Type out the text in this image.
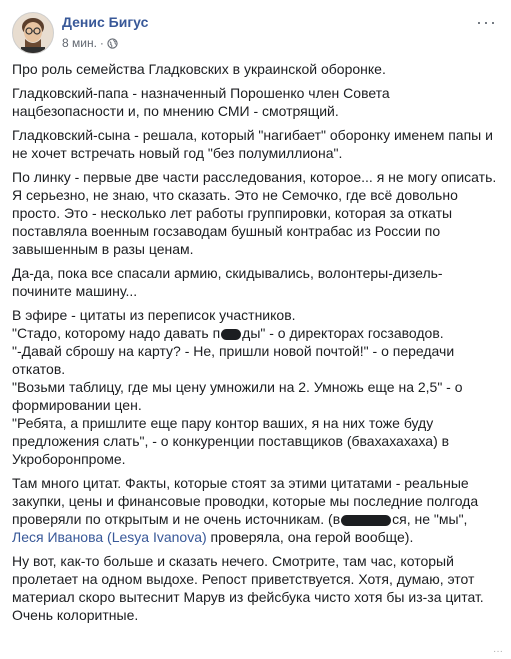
Денис Бигус
8 мин. ·
···

Про роль семейства Гладковских в украинской оборонке.

Гладковский-папа - назначенный Порошенко член Совета нацбезопасности и, по мнению СМИ - смотрящий.

Гладковский-сына - решала, который "нагибает" оборонку именем папы и не хочет встречать новый год "без полумиллиона".

По линку - первые две части расследования, которое... я не могу описать. Я серьезно, не знаю, что сказать. Это не Семочко, где всё довольно просто. Это - несколько лет работы группировки, которая за откаты поставляла военным госзаводам бушный контрабас из России по завышенным в разы ценам.

Да-да, пока все спасали армию, скидывались, волонтеры-дизель-почините машину...

В эфире - цитаты из переписок участников.
"Стадо, которому надо давать п ды" - о директорах госзаводов.
"-Давай сброшу на карту? - Не, пришли новой почтой!" - о передачи откатов.
"Возьми таблицу, где мы цену умножили на 2. Умножь еще на 2,5" - о формировании цен.
"Ребята, а пришлите еще пару контор ваших, я на них тоже буду предложения слать", - о конкуренции поставщиков (бвахахахаха) в Укроборонпроме.

Там много цитат. Факты, которые стоят за этими цитатами - реальные закупки, цены и финансовые проводки, которые мы последние полгода проверяли по открытым и не очень источникам. (в	ся, не "мы", Леся Иванова (Lesya Ivanova) проверяла, она герой вообще).

Ну вот, как-то больше и сказать нечего. Смотрите, там час, который пролетает на одном выдохе. Репост приветствуется. Хотя, думаю, этот материал скоро вытеснит Марув из фейсбука чисто хотя бы из-за цитат. Очень колоритные.

···
